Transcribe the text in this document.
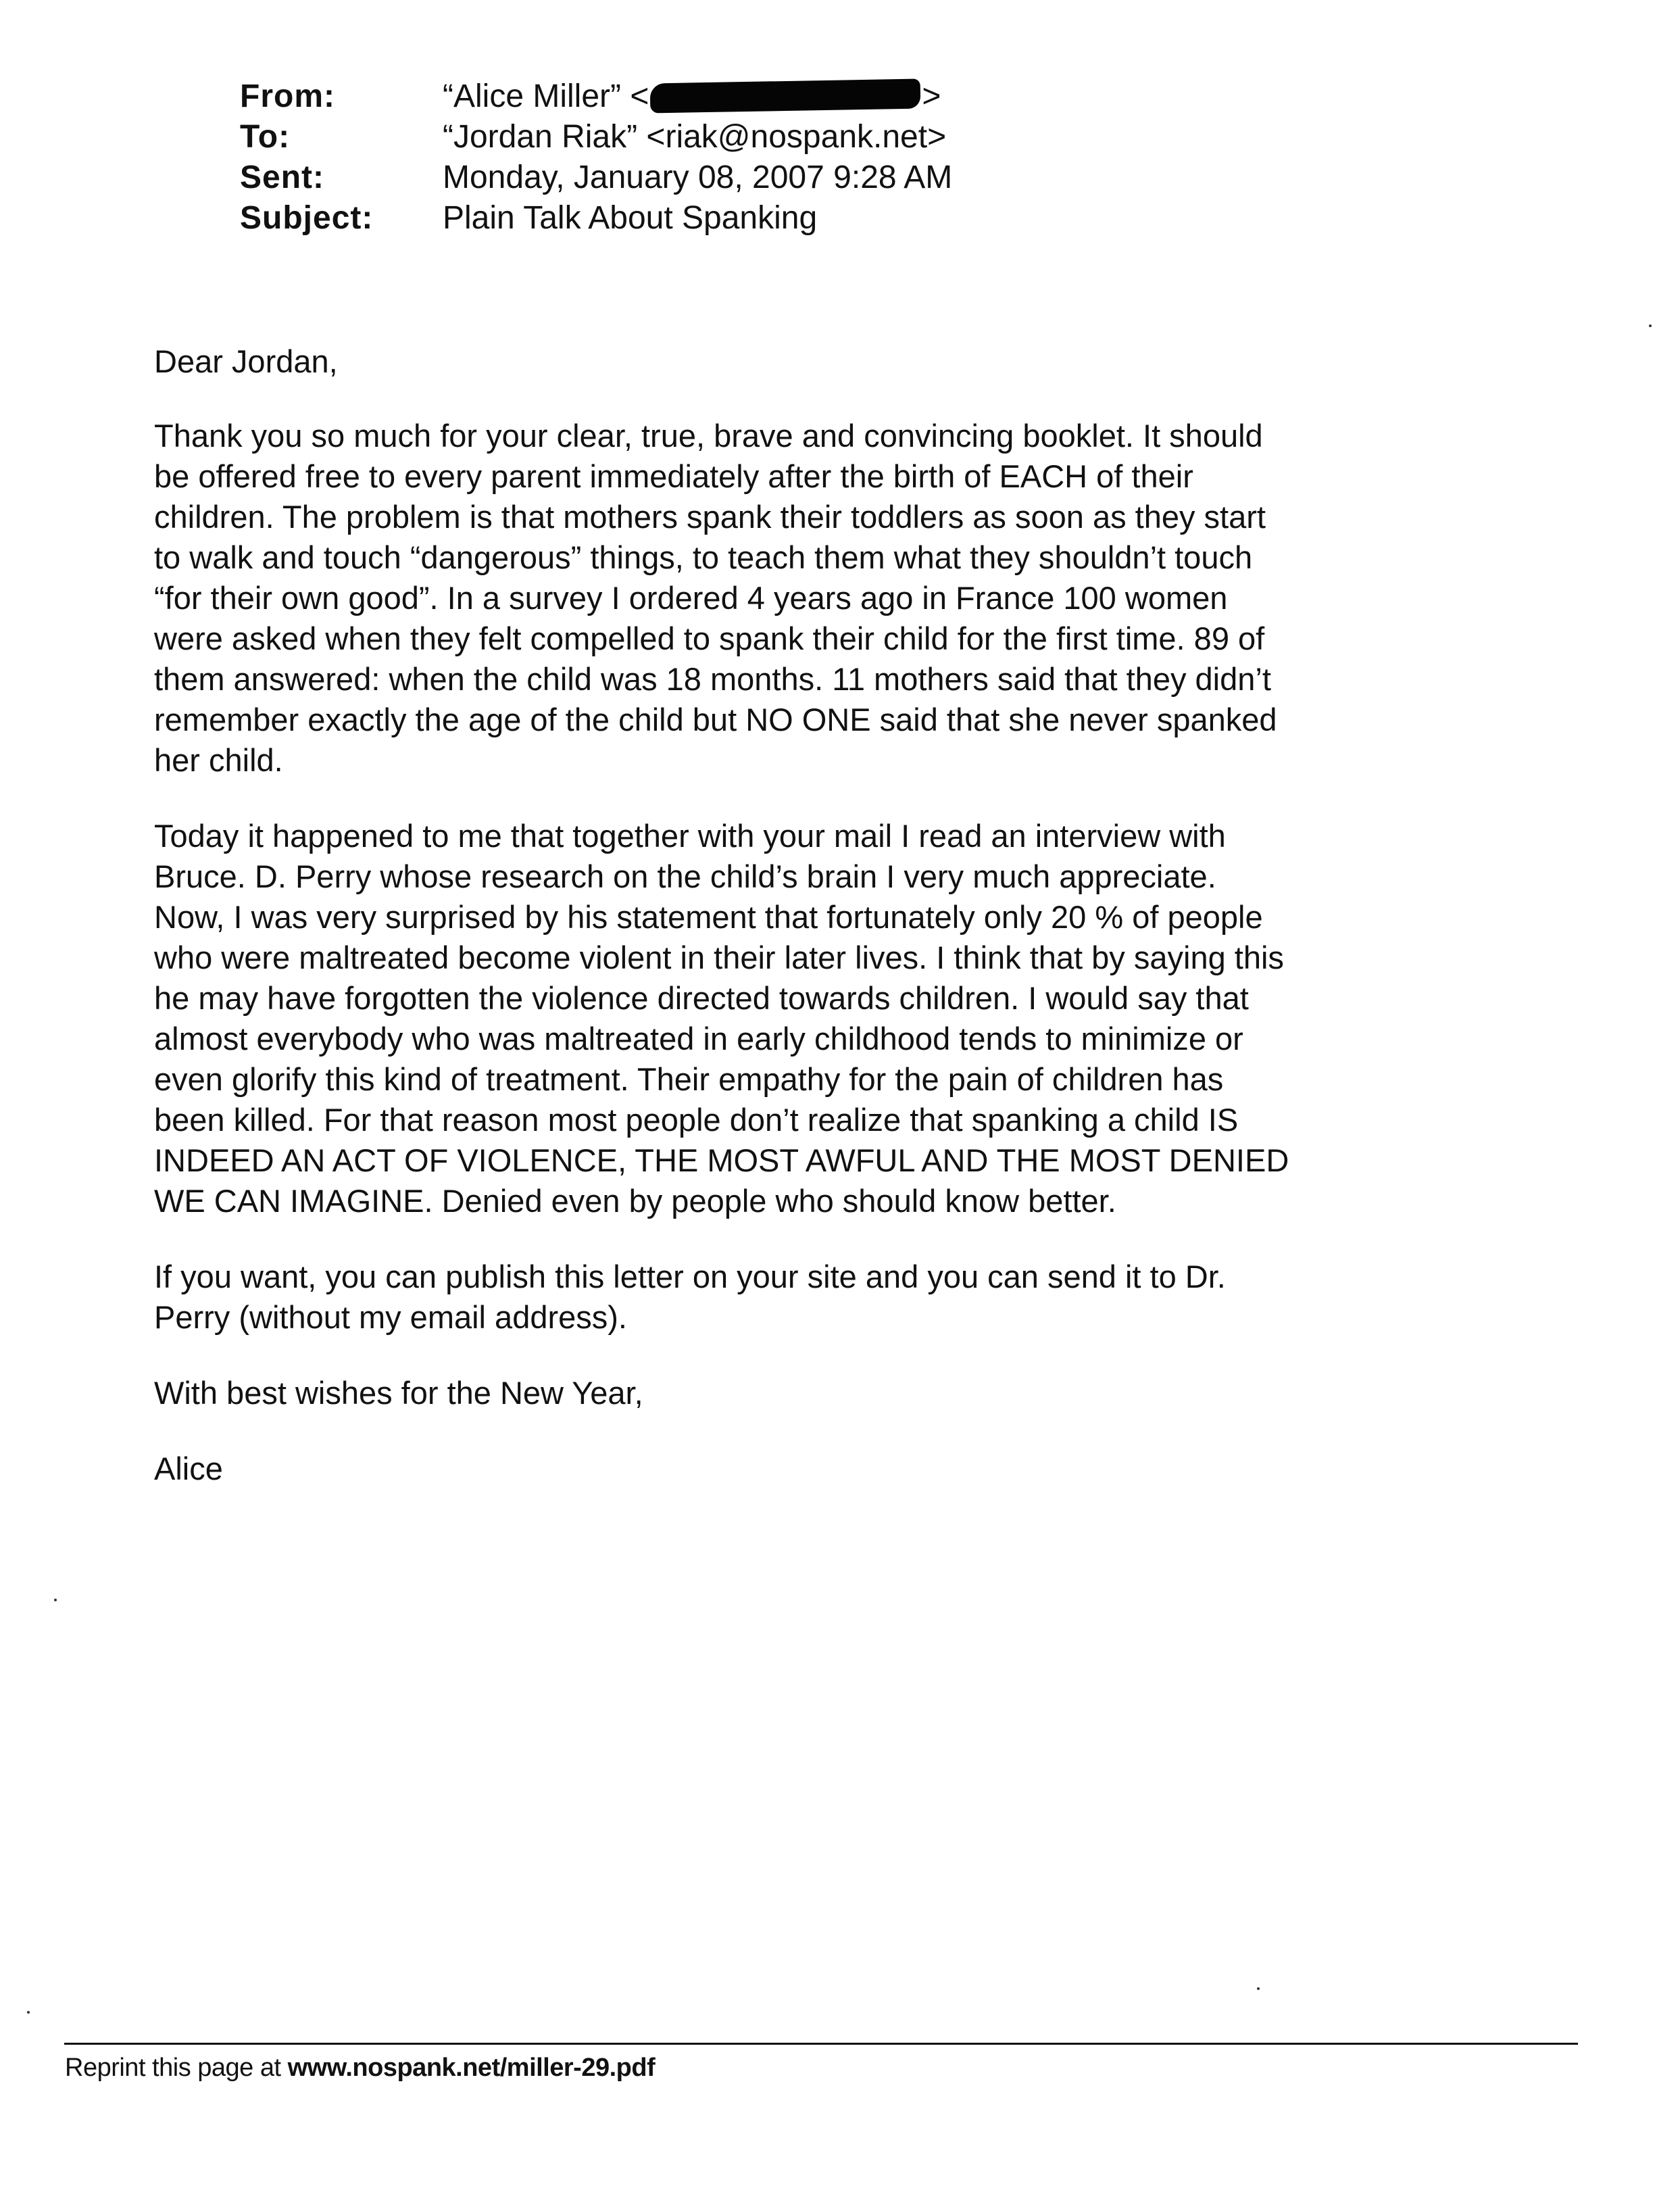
From:	“Alice Miller” <	>
To:	“Jordan Riak” <riak@nospank.net>
Sent:	Monday, January 08, 2007 9:28 AM
Subject:	Plain Talk About Spanking

Dear Jordan,

Thank you so much for your clear, true, brave and convincing booklet. It should
be offered free to every parent immediately after the birth of EACH of their
children. The problem is that mothers spank their toddlers as soon as they start
to walk and touch “dangerous” things, to teach them what they shouldn’t touch
“for their own good”. In a survey I ordered 4 years ago in France 100 women
were asked when they felt compelled to spank their child for the first time. 89 of
them answered: when the child was 18 months. 11 mothers said that they didn’t
remember exactly the age of the child but NO ONE said that she never spanked
her child.

Today it happened to me that together with your mail I read an interview with
Bruce. D. Perry whose research on the child’s brain I very much appreciate.
Now, I was very surprised by his statement that fortunately only 20 % of people
who were maltreated become violent in their later lives. I think that by saying this
he may have forgotten the violence directed towards children. I would say that
almost everybody who was maltreated in early childhood tends to minimize or
even glorify this kind of treatment. Their empathy for the pain of children has
been killed. For that reason most people don’t realize that spanking a child IS
INDEED AN ACT OF VIOLENCE, THE MOST AWFUL AND THE MOST DENIED
WE CAN IMAGINE. Denied even by people who should know better.

If you want, you can publish this letter on your site and you can send it to Dr.
Perry (without my email address).

With best wishes for the New Year,

Alice

Reprint this page at www.nospank.net/miller-29.pdf
